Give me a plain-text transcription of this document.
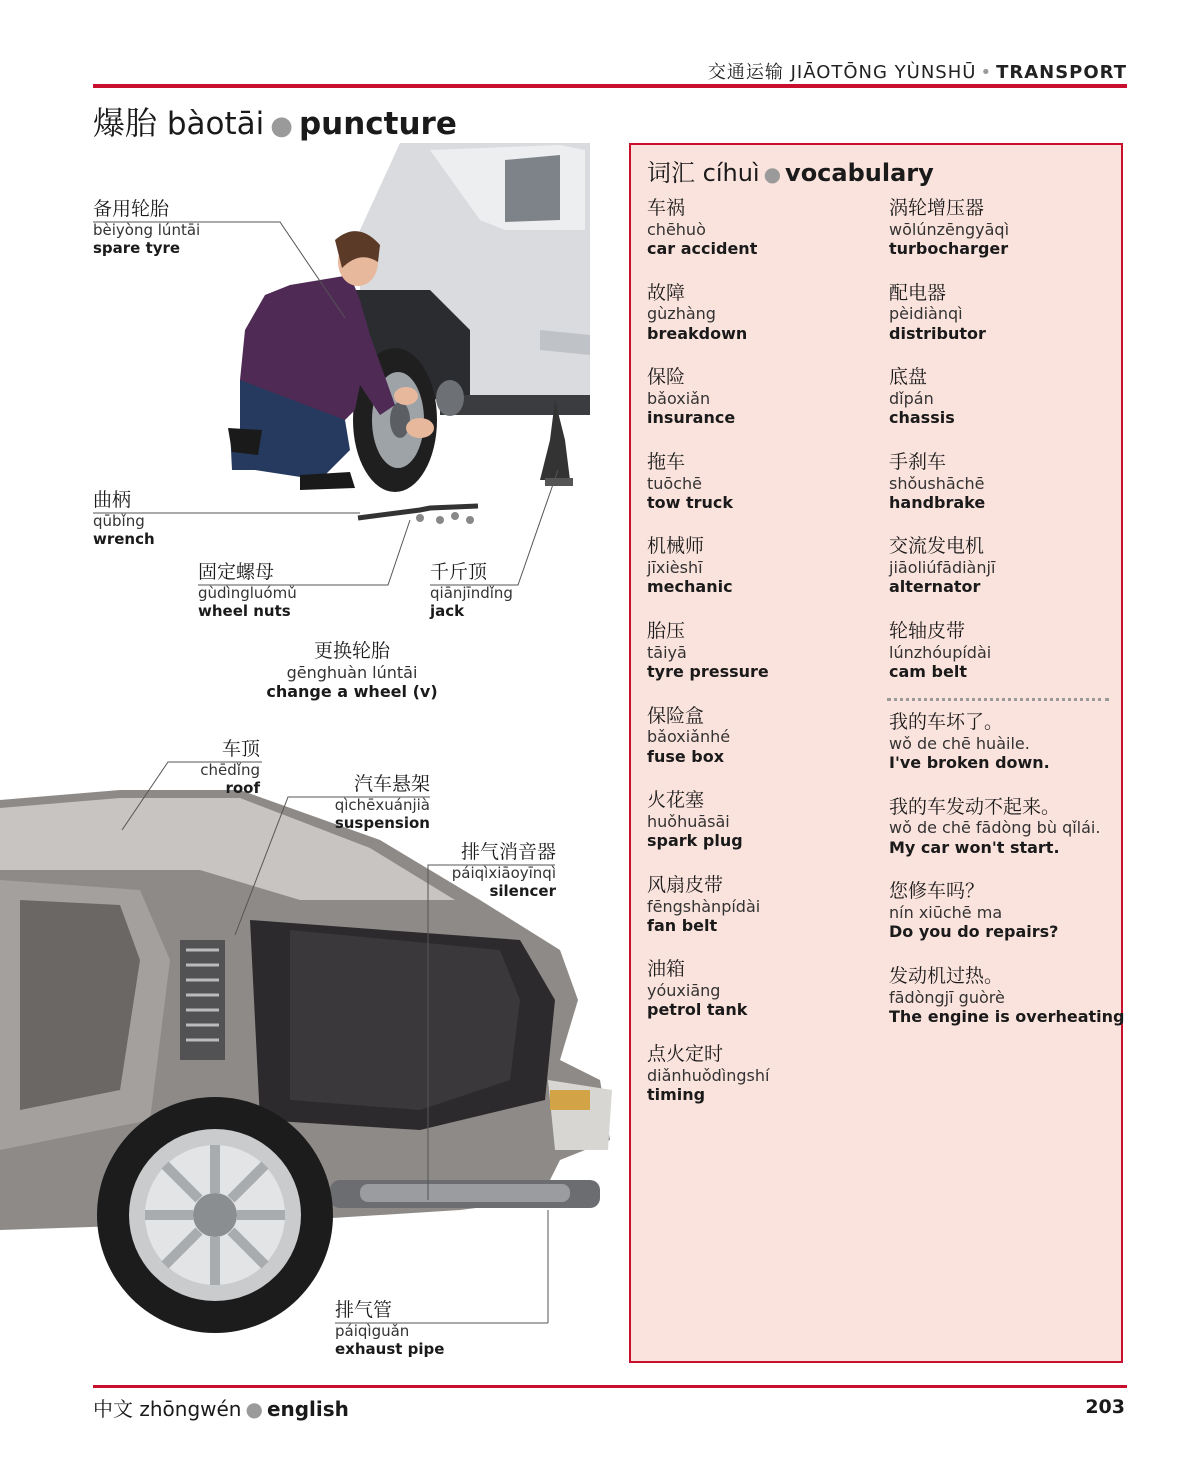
交通运输 JIĀOTŌNG YÙNSHŪ • TRANSPORT
爆胎 bàotāi ● puncture
备用轮胎
bèiyòng lúntāi
spare tyre
曲柄
qūbǐng
wrench
固定螺母
gùdìngluómǔ
wheel nuts
千斤顶
qiānjīndǐng
jack
更换轮胎
gēnghuàn lúntāi
change a wheel (v)
车顶
chēdǐng
roof	汽车悬架
qìchēxuánjià
suspension
排气消音器
páiqìxiāoyīnqì
silencer
排气管
páiqìguǎn
exhaust pipe
词汇 cíhuì ● vocabulary
车祸
chēhuò
car accident
故障
gùzhàng
breakdown
保险
bǎoxiǎn
insurance
拖车
tuōchē
tow truck
机械师
jīxièshī
mechanic
胎压
tāiyā
tyre pressure
保险盒
bǎoxiǎnhé
fuse box
火花塞
huǒhuāsāi
spark plug
风扇皮带
fēngshànpídài
fan belt
油箱
yóuxiāng
petrol tank
点火定时
diǎnhuǒdìngshí
timing
涡轮增压器
wōlúnzēngyāqì
turbocharger
配电器
pèidiànqì
distributor
底盘
dǐpán
chassis
手刹车
shǒushāchē
handbrake
交流发电机
jiāoliúfādiànjī
alternator
轮轴皮带
lúnzhóupídài
cam belt
我的车坏了。
wǒ de chē huàile.
I've broken down.
我的车发动不起来。
wǒ de chē fādòng bù qǐlái.
My car won't start.
您修车吗？
nín xiūchē ma
Do you do repairs?
发动机过热。
fādòngjī guòrè
The engine is overheating
中文 zhōngwén ● english	203
